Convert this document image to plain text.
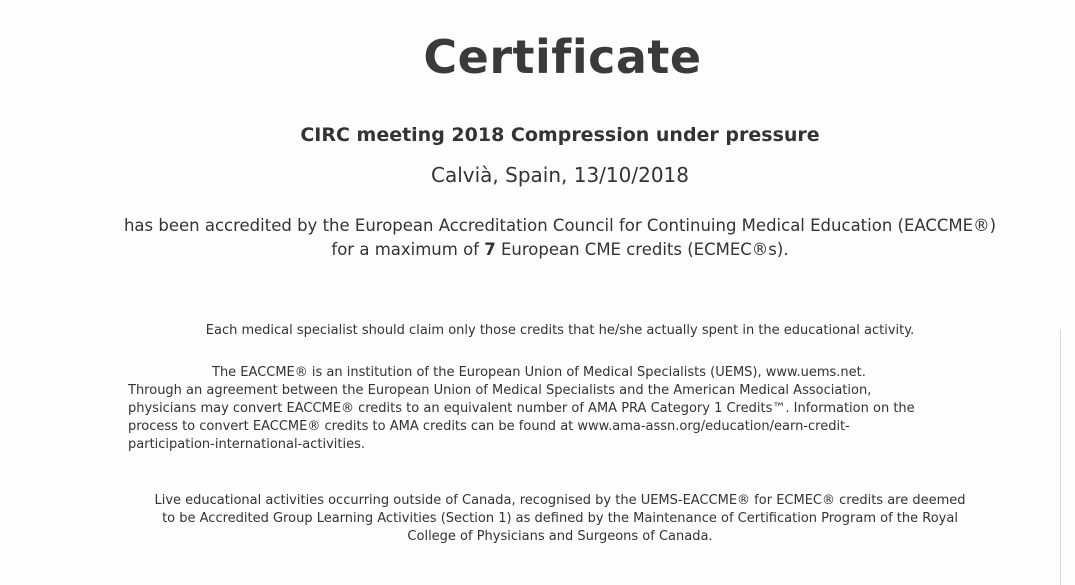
Certificate
CIRC meeting 2018 Compression under pressure
Calvià, Spain, 13/10/2018
has been accredited by the European Accreditation Council for Continuing Medical Education (EACCME®)
for a maximum of 7 European CME credits (ECMEC®s).
Each medical specialist should claim only those credits that he/she actually spent in the educational activity.
The EACCME® is an institution of the European Union of Medical Specialists (UEMS), www.uems.net.
Through an agreement between the European Union of Medical Specialists and the American Medical Association,
physicians may convert EACCME® credits to an equivalent number of AMA PRA Category 1 Credits™. Information on the
process to convert EACCME® credits to AMA credits can be found at www.ama-assn.org/education/earn-credit-
participation-international-activities.
Live educational activities occurring outside of Canada, recognised by the UEMS-EACCME® for ECMEC® credits are deemed
to be Accredited Group Learning Activities (Section 1) as defined by the Maintenance of Certification Program of the Royal
College of Physicians and Surgeons of Canada.
